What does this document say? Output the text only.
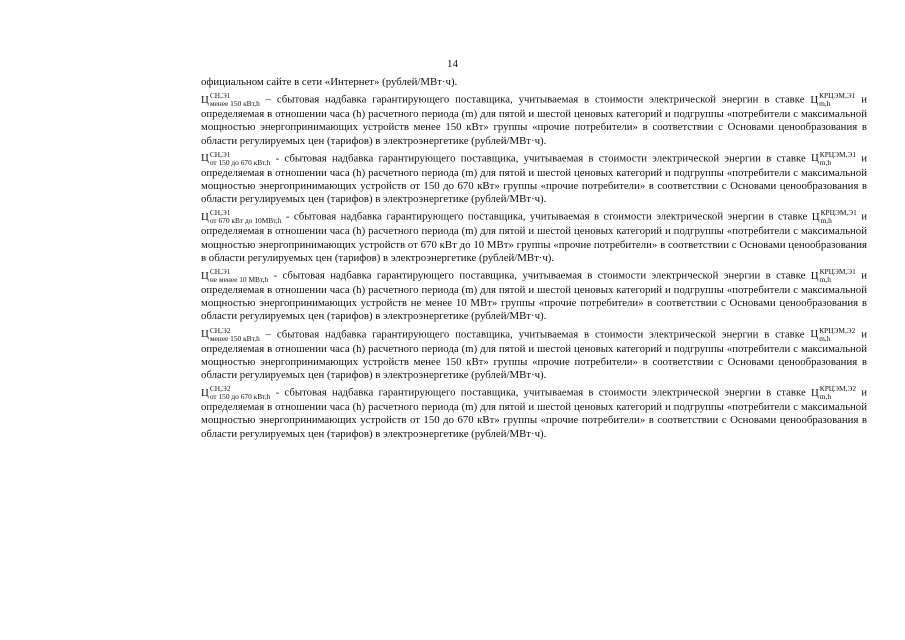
14

официальном сайте в сети «Интернет» (рублей/МВт·ч).

Ц СН,Э1
менее 150 кВт,h – сбытовая надбавка гарантирующего поставщика, учитываемая в стоимости электрической энергии в ставке Ц КРЦЭМ,Э1
m,h	и определяемая в отношении часа (h) расчетного периода (m) для пятой и шестой ценовых категорий и подгруппы «потребители с максимальной мощностью энергопринимающих устройств менее 150 кВт» группы «прочие потребители» в соответствии с Основами ценообразования в области регулируемых цен (тарифов) в электроэнергетике (рублей/МВт·ч).

Ц СН,Э1
от 150 до 670 кВт,h - сбытовая надбавка гарантирующего поставщика, учитываемая в стоимости электрической энергии в ставке Ц КРЦЭМ,Э1
m,h	и определяемая в отношении часа (h) расчетного периода (m) для пятой и шестой ценовых категорий и подгруппы «потребители с максимальной мощностью энергопринимающих устройств от 150 до 670 кВт» группы «прочие потребители» в соответствии с Основами ценообразования в области регулируемых цен (тарифов) в электроэнергетике (рублей/МВт·ч).

Ц СН,Э1
от 670 кВт до 10МВт,h - сбытовая надбавка гарантирующего поставщика, учитываемая в стоимости электрической энергии в ставке Ц КРЦЭМ,Э1
m,h	и определяемая в отношении часа (h) расчетного периода (m) для пятой и шестой ценовых категорий и подгруппы «потребители с максимальной мощностью энергопринимающих устройств от 670 кВт до 10 МВт» группы «прочие потребители» в соответствии с Основами ценообразования в области регулируемых цен (тарифов) в электроэнергетике (рублей/МВт·ч).

Ц СН,Э1
не менее 10 МВт,h - сбытовая надбавка гарантирующего поставщика, учитываемая в стоимости электрической энергии в ставке Ц КРЦЭМ,Э1
m,h	и определяемая в отношении часа (h) расчетного периода (m) для пятой и шестой ценовых категорий и подгруппы «потребители с максимальной мощностью энергопринимающих устройств не менее 10 МВт» группы «прочие потребители» в соответствии с Основами ценообразования в области регулируемых цен (тарифов) в электроэнергетике (рублей/МВт·ч).

Ц СН,Э2
менее 150 кВт,h – сбытовая надбавка гарантирующего поставщика, учитываемая в стоимости электрической энергии в ставке Ц КРЦЭМ,Э2
m,h	и определяемая в отношении часа (h) расчетного периода (m) для пятой и шестой ценовых категорий и подгруппы «потребители с максимальной мощностью энергопринимающих устройств менее 150 кВт» группы «прочие потребители» в соответствии с Основами ценообразования в области регулируемых цен (тарифов) в электроэнергетике (рублей/МВт·ч).

Ц СН,Э2
от 150 до 670 кВт,h - сбытовая надбавка гарантирующего поставщика, учитываемая в стоимости электрической энергии в ставке Ц КРЦЭМ,Э2
m,h	и определяемая в отношении часа (h) расчетного периода (m) для пятой и шестой ценовых категорий и подгруппы «потребители с максимальной мощностью энергопринимающих устройств от 150 до 670 кВт» группы «прочие потребители» в соответствии с Основами ценообразования в области регулируемых цен (тарифов) в электроэнергетике (рублей/МВт·ч).
